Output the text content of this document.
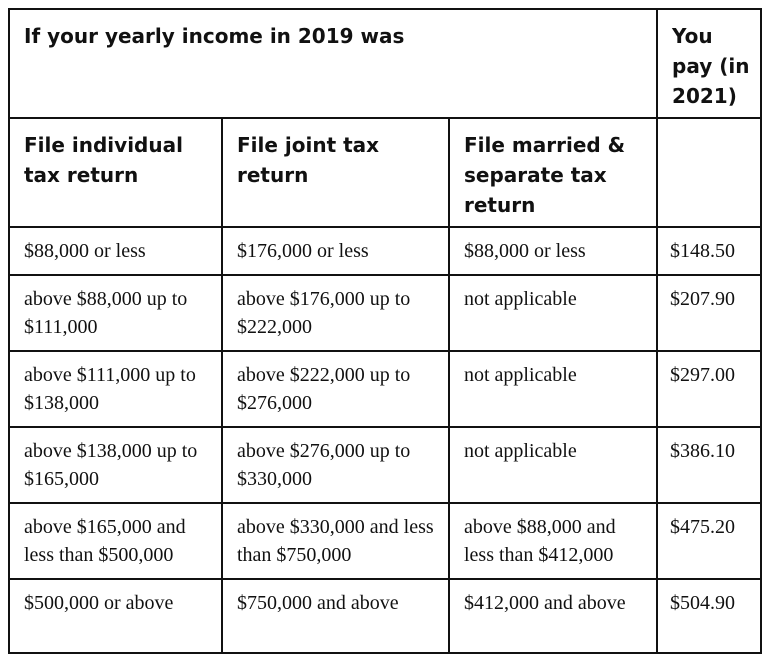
If your yearly income in 2019 was			You pay (in 2021)
File individual tax return	File joint tax return	File married & separate tax return	
$88,000 or less	$176,000 or less	$88,000 or less	$148.50
above $88,000 up to $111,000	above $176,000 up to $222,000	not applicable	$207.90
above $111,000 up to $138,000	above $222,000 up to $276,000	not applicable	$297.00
above $138,000 up to $165,000	above $276,000 up to $330,000	not applicable	$386.10
above $165,000 and less than $500,000	above $330,000 and less than $750,000	above $88,000 and less than $412,000	$475.20
$500,000 or above	$750,000 and above	$412,000 and above	$504.90
